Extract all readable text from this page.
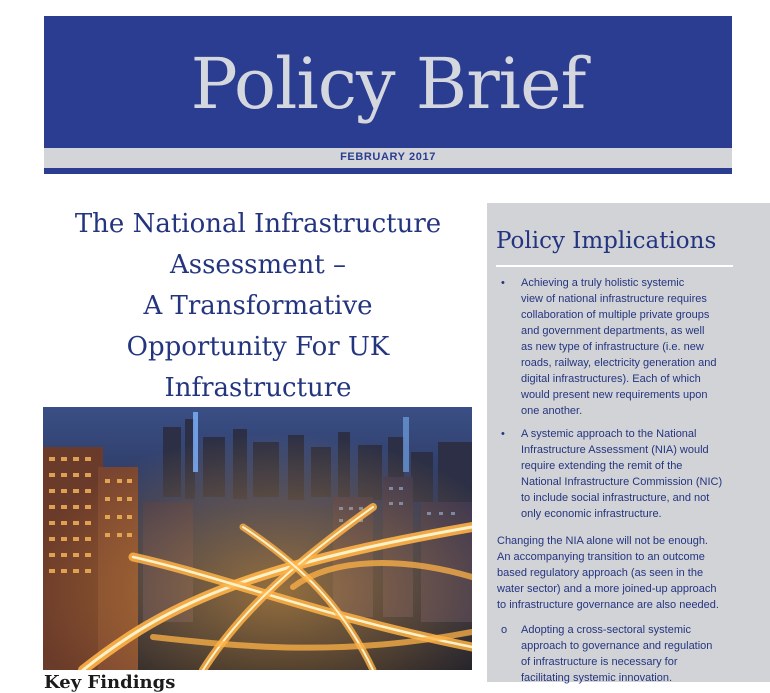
Policy Brief
FEBRUARY 2017
The National Infrastructure
Assessment –
A Transformative
Opportunity For UK
Infrastructure
Key Findings
Policy Implications
• Achieving a truly holistic systemic
view of national infrastructure requires
collaboration of multiple private groups
and government departments, as well
as new type of infrastructure (i.e. new
roads, railway, electricity generation and
digital infrastructures). Each of which
would present new requirements upon
one another.
• A systemic approach to the National
Infrastructure Assessment (NIA) would
require extending the remit of the
National Infrastructure Commission (NIC)
to include social infrastructure, and not
only economic infrastructure.
Changing the NIA alone will not be enough.
An accompanying transition to an outcome
based regulatory approach (as seen in the
water sector) and a more joined-up approach
to infrastructure governance are also needed.
o Adopting a cross-sectoral systemic
approach to governance and regulation
of infrastructure is necessary for
facilitating systemic innovation.
